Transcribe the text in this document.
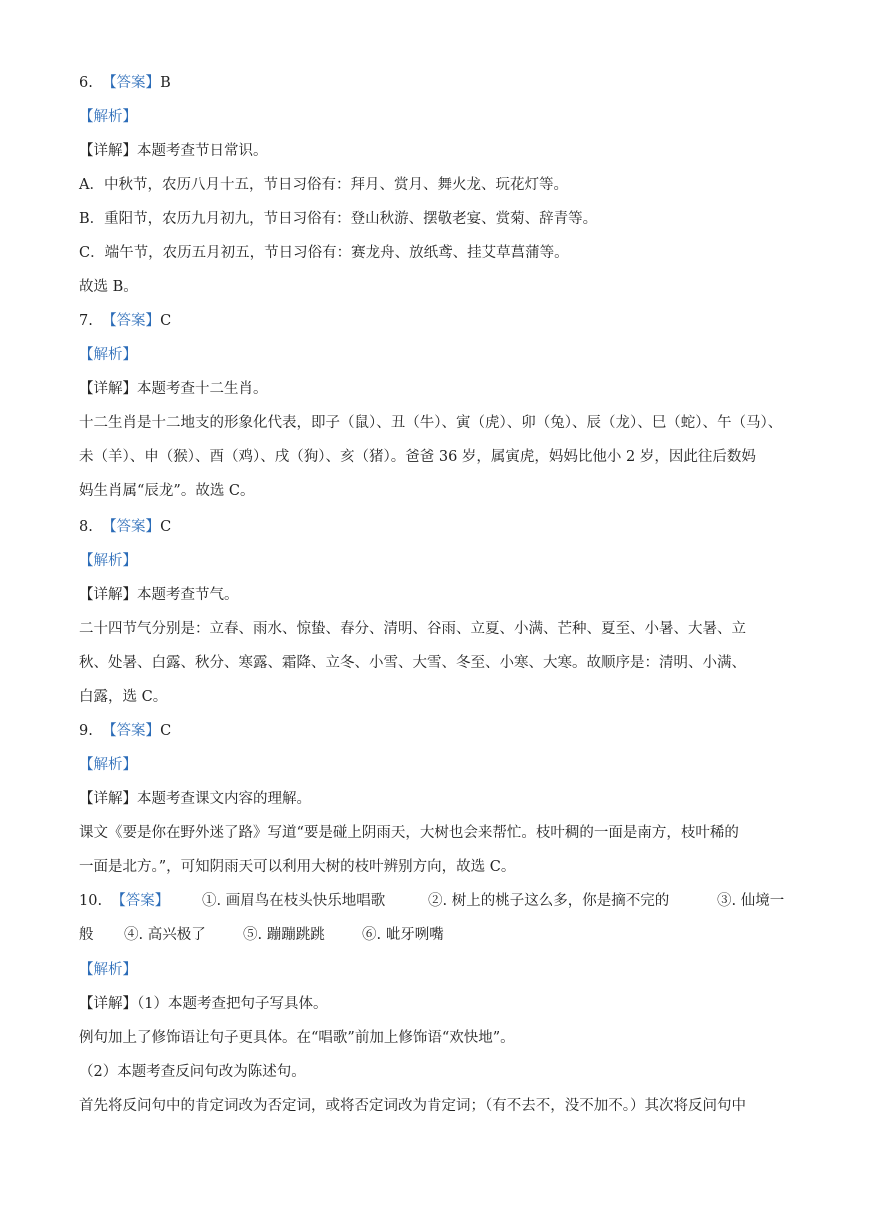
6. 【答案】B
【解析】
【详解】本题考查节日常识。
A．中秋节，农历八月十五，节日习俗有：拜月、赏月、舞火龙、玩花灯等。
B．重阳节，农历九月初九，节日习俗有：登山秋游、摆敬老宴、赏菊、辞青等。
C．端午节，农历五月初五，节日习俗有：赛龙舟、放纸鸢、挂艾草菖蒲等。
故选 B。
7. 【答案】C
【解析】
【详解】本题考查十二生肖。
十二生肖是十二地支的形象化代表，即子（鼠）、丑（牛）、寅（虎）、卯（兔）、辰（龙）、巳（蛇）、午（马）、
未（羊）、申（猴）、酉（鸡）、戌（狗）、亥（猪）。爸爸 36 岁，属寅虎，妈妈比他小 2 岁，因此往后数妈
妈生肖属“辰龙”。故选 C。
8. 【答案】C
【解析】
【详解】本题考查节气。
二十四节气分别是：立春、雨水、惊蛰、春分、清明、谷雨、立夏、小满、芒种、夏至、小暑、大暑、立
秋、处暑、白露、秋分、寒露、霜降、立冬、小雪、大雪、冬至、小寒、大寒。故顺序是：清明、小满、
白露，选 C。
9. 【答案】C
【解析】
【详解】本题考查课文内容的理解。
课文《要是你在野外迷了路》写道“要是碰上阴雨天，大树也会来帮忙。枝叶稠的一面是南方，枝叶稀的
一面是北方。”，可知阴雨天可以利用大树的枝叶辨别方向，故选 C。
10. 【答案】 ①. 画眉鸟在枝头快乐地唱歌	②. 树上的桃子这么多，你是摘不完的	③. 仙境一
般 ④. 高兴极了	⑤. 蹦蹦跳跳	⑥. 呲牙咧嘴
【解析】
【详解】（1）本题考查把句子写具体。
例句加上了修饰语让句子更具体。在“唱歌”前加上修饰语“欢快地”。
（2）本题考查反问句改为陈述句。
首先将反问句中的肯定词改为否定词，或将否定词改为肯定词；（有不去不，没不加不。）其次将反问句中
